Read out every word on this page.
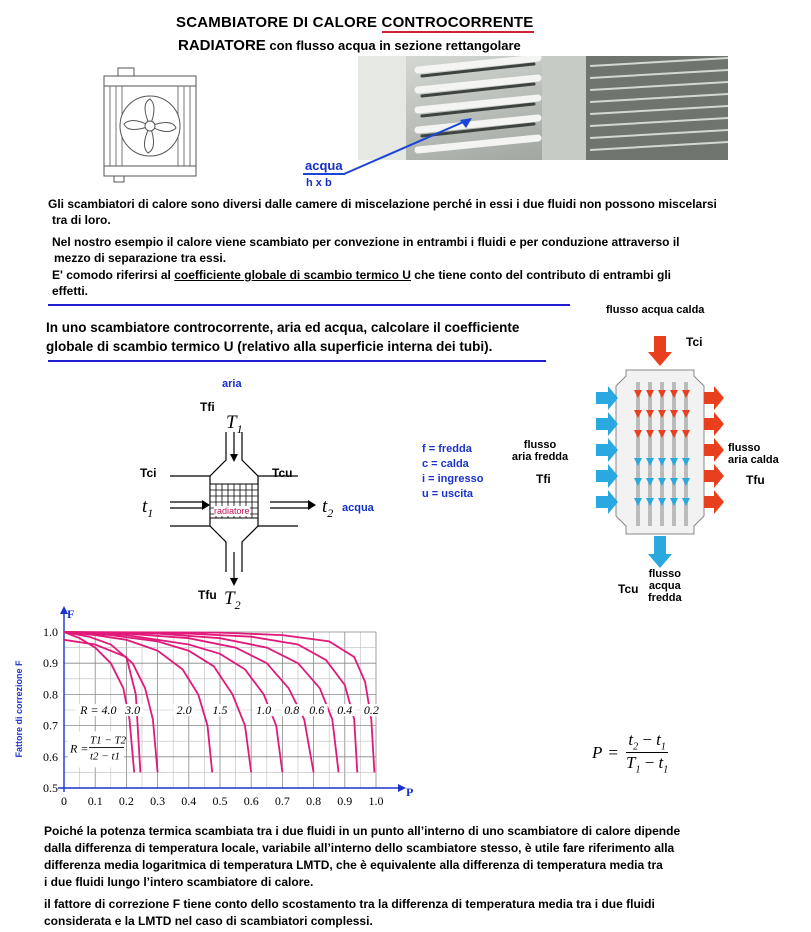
SCAMBIATORE DI CALORE CONTROCORRENTE
RADIATORE con flusso acqua in sezione rettangolare
acqua
h x b
Gli scambiatori di calore sono diversi dalle camere di miscelazione perché in essi i due fluidi non possono miscelarsi
tra di loro.
Nel nostro esempio il calore viene scambiato per convezione in entrambi i fluidi e per conduzione attraverso il
mezzo di separazione tra essi.
E' comodo riferirsi al coefficiente globale di scambio termico U che tiene conto del contributo di entrambi gli
effetti.
In uno scambiatore controcorrente, aria ed acqua, calcolare il coefficiente
globale di scambio termico U (relativo alla superficie interna dei tubi).
aria
Tfi
$T_1$
Tci	Tcu
$t_1$	$t_2$ acqua
radiatore
Tfu $T_2$
f = fredda
c = calda
i = ingresso
u = uscita
flusso
aria fredda
Tfi
flusso acqua calda
Tci
flusso
aria calda
Tfu
flusso
acqua
fredda
Tcu
P
F
0 0.1 0.2 0.3 0.4 0.5 0.6 0.7 0.8 0.9 1.0
0.5
0.6
0.7
0.8
0.9
1.0
R = 4.0 3.0	2.0 1.5 1.0 0.8 0.6 0.4 0.2
R =
T1 − T2
t2 − t1
Fattore di correzione F	$P = \frac{t_2 - t_1}{T_1 - t_1}$
Poiché la potenza termica scambiata tra i due fluidi in un punto all’interno di uno scambiatore di calore dipende
dalla differenza di temperatura locale, variabile all’interno dello scambiatore stesso, è utile fare riferimento alla
differenza media logaritmica di temperatura LMTD, che è equivalente alla differenza di temperatura media tra
i due fluidi lungo l’intero scambiatore di calore.
il fattore di correzione F tiene conto dello scostamento tra la differenza di temperatura media tra i due fluidi
considerata e la LMTD nel caso di scambiatori complessi.
